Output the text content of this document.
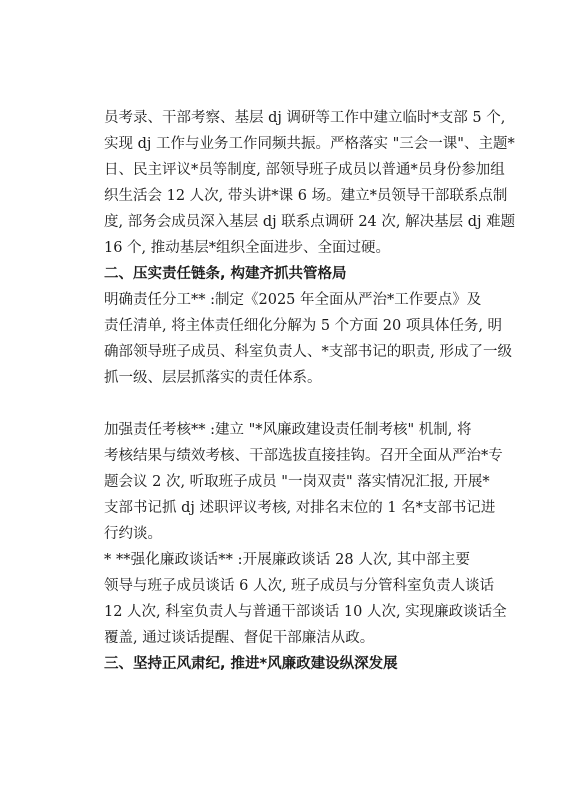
员考录、干部考察、基层 dj 调研等工作中建立临时*支部 5 个,
实现 dj 工作与业务工作同频共振。严格落实 "三会一课"、主题*
日、民主评议*员等制度, 部领导班子成员以普通*员身份参加组
织生活会 12 人次, 带头讲*课 6 场。建立*员领导干部联系点制
度, 部务会成员深入基层 dj 联系点调研 24 次, 解决基层 dj 难题
16 个, 推动基层*组织全面进步、全面过硬。
二、压实责任链条, 构建齐抓共管格局
明确责任分工** :制定《2025 年全面从严治*工作要点》及
责任清单, 将主体责任细化分解为 5 个方面 20 项具体任务, 明
确部领导班子成员、科室负责人、*支部书记的职责, 形成了一级
抓一级、层层抓落实的责任体系。
加强责任考核** :建立 "*风廉政建设责任制考核" 机制, 将
考核结果与绩效考核、干部选拔直接挂钩。召开全面从严治*专
题会议 2 次, 听取班子成员 "一岗双责" 落实情况汇报, 开展*
支部书记抓 dj 述职评议考核, 对排名末位的 1 名*支部书记进
行约谈。
* **强化廉政谈话** :开展廉政谈话 28 人次, 其中部主要
领导与班子成员谈话 6 人次, 班子成员与分管科室负责人谈话
12 人次, 科室负责人与普通干部谈话 10 人次, 实现廉政谈话全
覆盖, 通过谈话提醒、督促干部廉洁从政。
三、坚持正风肃纪, 推进*风廉政建设纵深发展
